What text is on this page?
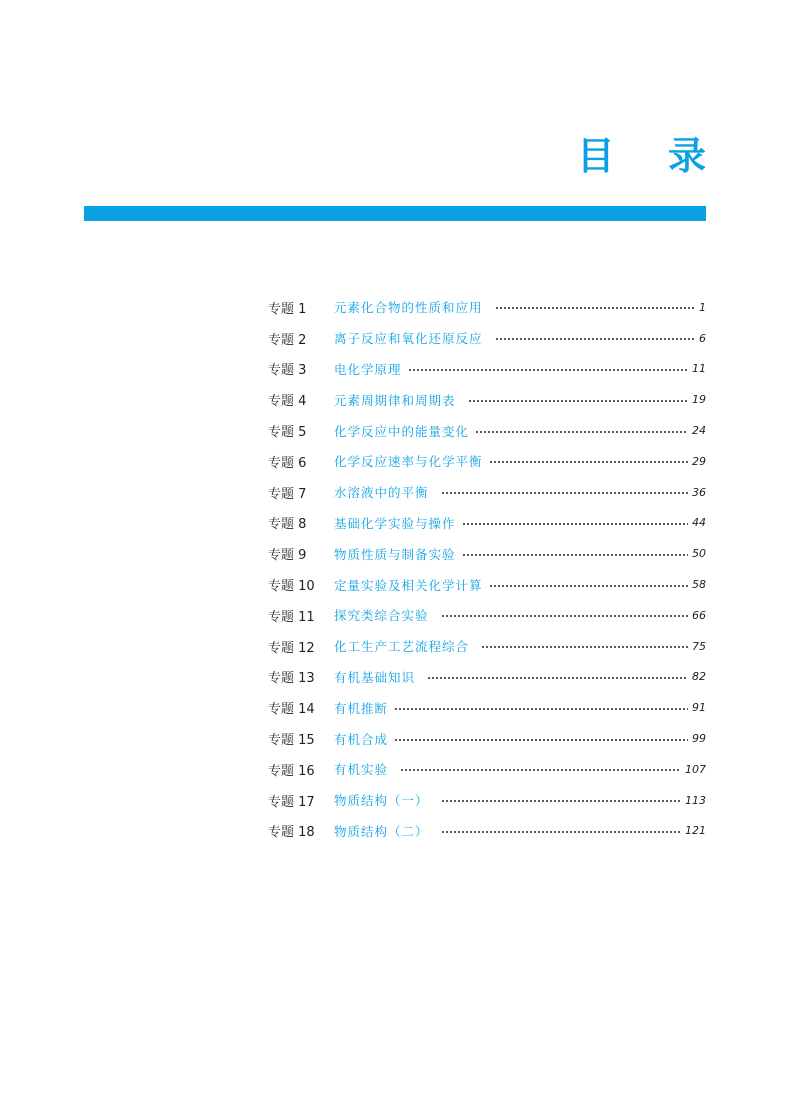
目 录
专题 1	元素化合物的性质和应用	1
专题 2	离子反应和氧化还原反应	6
专题 3	电化学原理	11
专题 4	元素周期律和周期表	19
专题 5	化学反应中的能量变化	24
专题 6	化学反应速率与化学平衡	29
专题 7	水溶液中的平衡	36
专题 8	基础化学实验与操作	44
专题 9	物质性质与制备实验	50
专题 10	定量实验及相关化学计算	58
专题 11	探究类综合实验	66
专题 12	化工生产工艺流程综合	75
专题 13	有机基础知识	82
专题 14	有机推断	91
专题 15	有机合成	99
专题 16	有机实验	107
专题 17	物质结构（一）	113
专题 18	物质结构（二）	121
